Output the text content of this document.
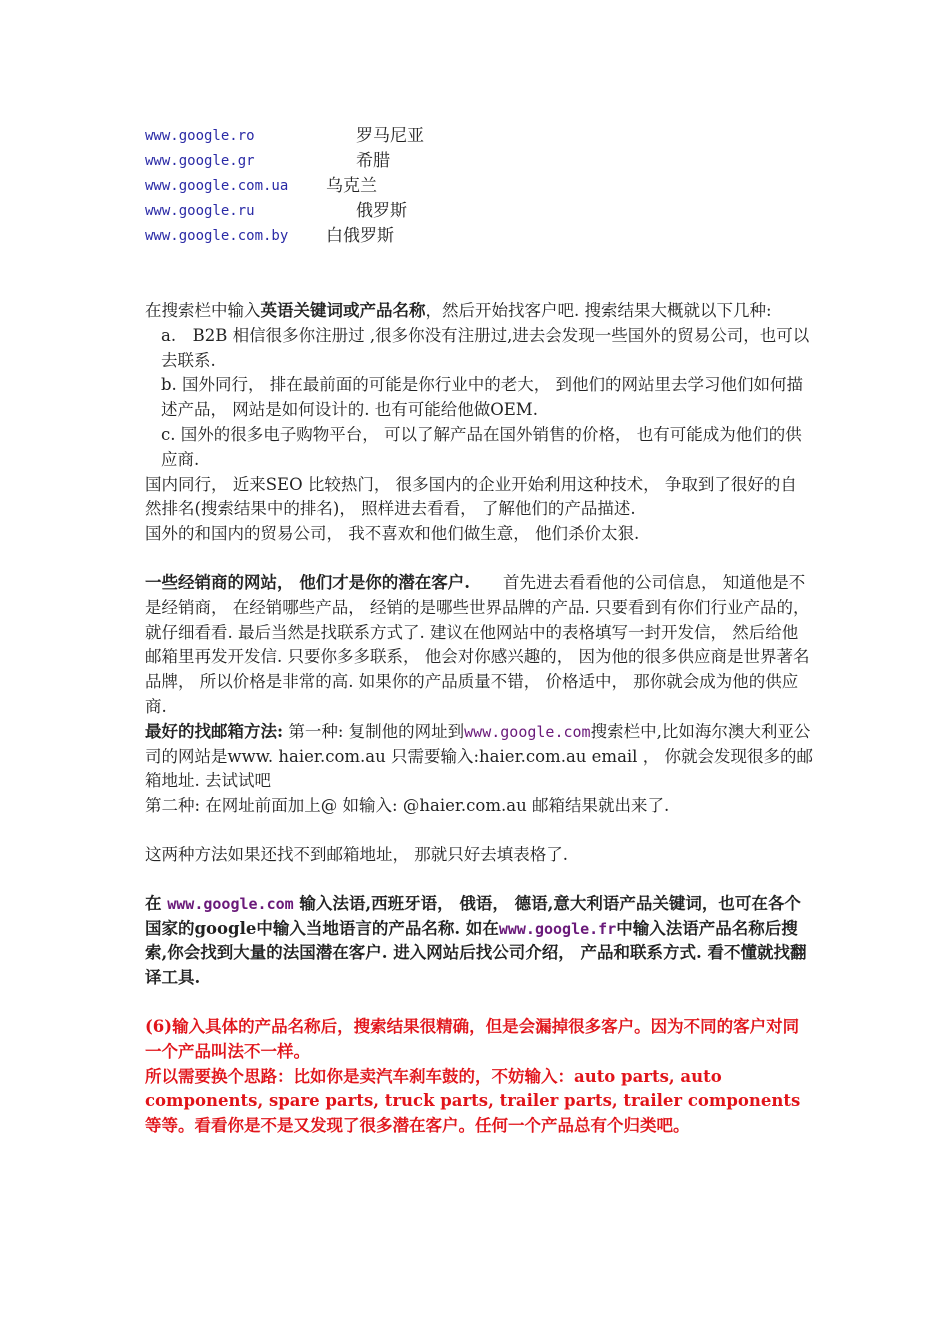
www.google.ro	罗马尼亚
www.google.gr	希腊
www.google.com.ua 乌克兰
www.google.ru	俄罗斯
www.google.com.by 白俄罗斯

在搜索栏中输入英语关键词或产品名称，然后开始找客户吧. 搜索结果大概就以下几种:

a.　B2B 相信很多你注册过 ,很多你没有注册过,进去会发现一些国外的贸易公司，也可以去联系.

b. 国外同行， 排在最前面的可能是你行业中的老大， 到他们的网站里去学习他们如何描述产品， 网站是如何设计的. 也有可能给他做OEM.

c. 国外的很多电子购物平台， 可以了解产品在国外销售的价格， 也有可能成为他们的供应商.

国内同行， 近来SEO 比较热门， 很多国内的企业开始利用这种技术， 争取到了很好的自然排名(搜索结果中的排名)， 照样进去看看， 了解他们的产品描述.

国外的和国内的贸易公司， 我不喜欢和他们做生意， 他们杀价太狠.

一些经销商的网站， 他们才是你的潜在客户.　　首先进去看看他的公司信息， 知道他是不是经销商， 在经销哪些产品， 经销的是哪些世界品牌的产品. 只要看到有你们行业产品的， 就仔细看看. 最后当然是找联系方式了. 建议在他网站中的表格填写一封开发信， 然后给他邮箱里再发开发信. 只要你多多联系， 他会对你感兴趣的， 因为他的很多供应商是世界著名品牌， 所以价格是非常的高. 如果你的产品质量不错， 价格适中， 那你就会成为他的供应商.

最好的找邮箱方法: 第一种: 复制他的网址到www.google.com搜索栏中,比如海尔澳大利亚公司的网站是www. haier.com.au 只需要输入:haier.com.au email ， 你就会发现很多的邮箱地址. 去试试吧

第二种: 在网址前面加上@ 如输入: @haier.com.au 邮箱结果就出来了.

这两种方法如果还找不到邮箱地址， 那就只好去填表格了.

在 www.google.com 输入法语,西班牙语， 俄语， 德语,意大利语产品关键词，也可在各个国家的google中输入当地语言的产品名称. 如在www.google.fr中输入法语产品名称后搜索,你会找到大量的法国潜在客户. 进入网站后找公司介绍， 产品和联系方式. 看不懂就找翻译工具.

(6)输入具体的产品名称后，搜索结果很精确，但是会漏掉很多客户。因为不同的客户对同一个产品叫法不一样。

所以需要换个思路：比如你是卖汽车刹车鼓的，不妨输入：auto parts, auto components, spare parts, truck parts, trailer parts, trailer components等等。看看你是不是又发现了很多潜在客户。任何一个产品总有个归类吧。
